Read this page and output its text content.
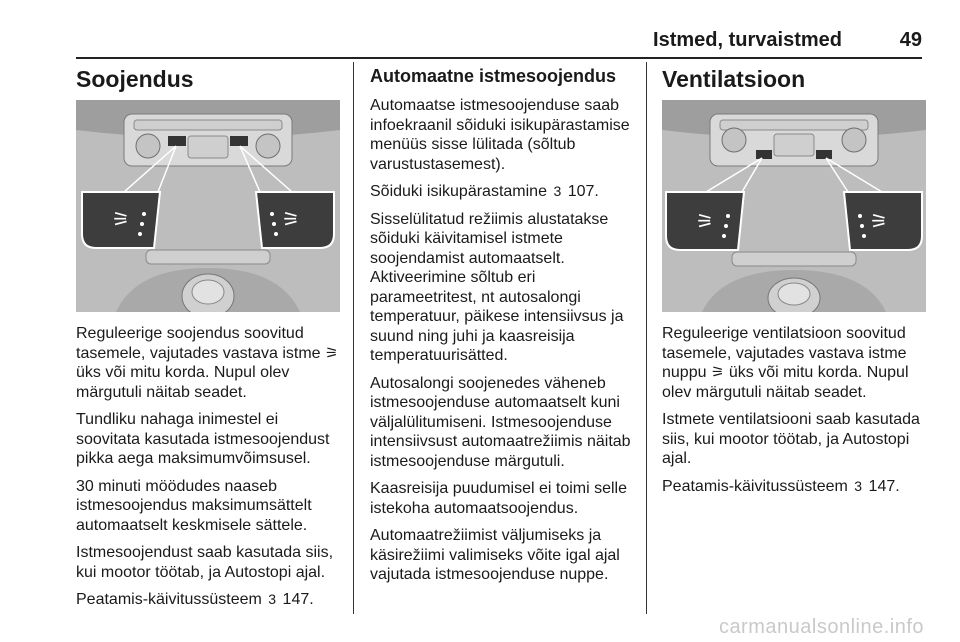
Istmed, turvaistmed	49
Soojendus
⚞	⚞

Reguleerige soojendus soovitud tasemele, vajutades vastava istme ⚞ üks või mitu korda. Nupul olev märgutuli näitab seadet.

Tundliku nahaga inimestel ei soovitata kasutada istmesoojendust pikka aega maksimumvõimsusel.

30 minuti möödudes naaseb istmesoojendus maksimumsättelt automaatselt keskmisele sättele.

Istmesoojendust saab kasutada siis, kui mootor töötab, ja Autostopi ajal.

Peatamis-käivitussüsteem 3 147.

Automaatne istmesoojendus

Automaatse istmesoojenduse saab infoekraanil sõiduki isikupärastamise menüüs sisse lülitada (sõltub varustustasemest).

Sõiduki isikupärastamine 3 107.

Sisselülitatud režiimis alustatakse sõiduki käivitamisel istmete soojendamist automaatselt. Aktiveerimine sõltub eri parameetritest, nt autosalongi temperatuur, päikese intensiivsus ja suund ning juhi ja kaasreisija temperatuurisätted.

Autosalongi soojenedes väheneb istmesoojenduse automaatselt kuni väljalülitumiseni. Istmesoojenduse intensiivsust automaatrežiimis näitab istmesoojenduse märgutuli.

Kaasreisija puudumisel ei toimi selle istekoha automaatsoojendus.

Automaatrežiimist väljumiseks ja käsirežiimi valimiseks võite igal ajal vajutada istmesoojenduse nuppe.

Ventilatsioon
⚞	⚞

Reguleerige ventilatsioon soovitud tasemele, vajutades vastava istme nuppu ⚞ üks või mitu korda. Nupul olev märgutuli näitab seadet.

Istmete ventilatsiooni saab kasutada siis, kui mootor töötab, ja Autostopi ajal.

Peatamis-käivitussüsteem 3 147.

carmanualsonline.info
